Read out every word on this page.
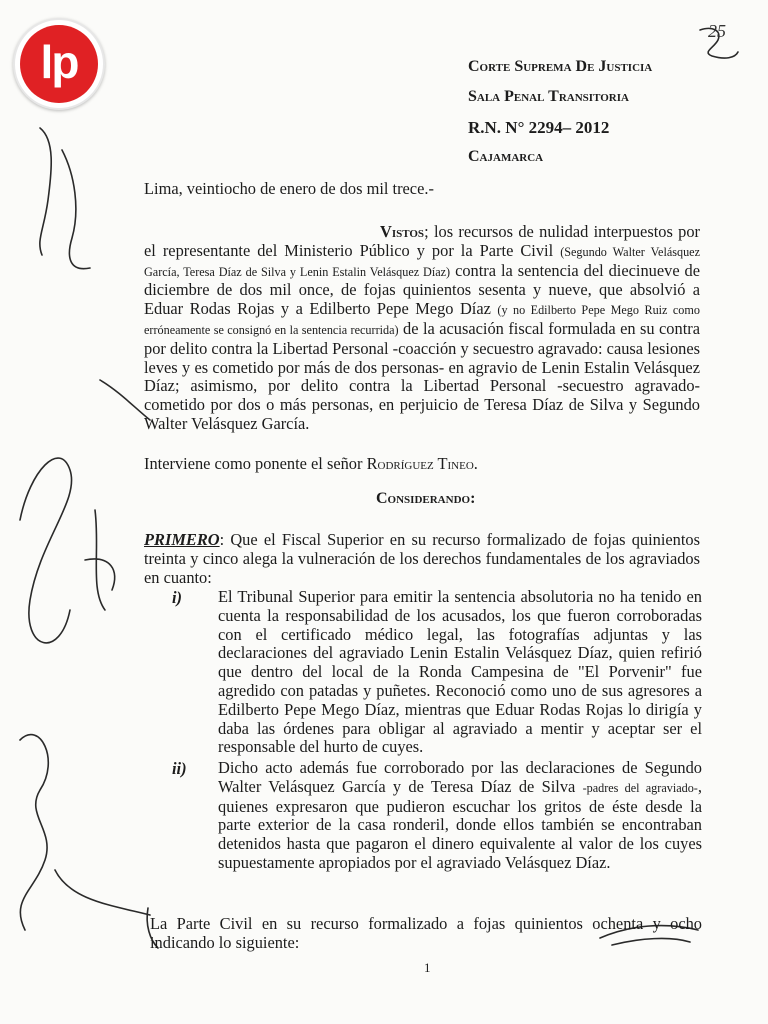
lp
25
Corte Suprema De Justicia
Sala Penal Transitoria
R.N. N° 2294– 2012
Cajamarca
Lima, veintiocho de enero de dos mil trece.-
Vistos; los recursos de nulidad interpuestos por el representante del Ministerio Público y por la Parte Civil (Segundo Walter Velásquez García, Teresa Díaz de Silva y Lenin Estalin Velásquez Díaz) contra la sentencia del diecinueve de diciembre de dos mil once, de fojas quinientos sesenta y nueve, que absolvió a Eduar Rodas Rojas y a Edilberto Pepe Mego Díaz (y no Edilberto Pepe Mego Ruiz como erróneamente se consignó en la sentencia recurrida) de la acusación fiscal formulada en su contra por delito contra la Libertad Personal -coacción y secuestro agravado: causa lesiones leves y es cometido por más de dos personas- en agravio de Lenin Estalin Velásquez Díaz; asimismo, por delito contra la Libertad Personal -secuestro agravado- cometido por dos o más personas, en perjuicio de Teresa Díaz de Silva y Segundo Walter Velásquez García.
Interviene como ponente el señor Rodríguez Tineo.
Considerando:
PRIMERO: Que el Fiscal Superior en su recurso formalizado de fojas quinientos treinta y cinco alega la vulneración de los derechos fundamentales de los agraviados en cuanto:
i) El Tribunal Superior para emitir la sentencia absolutoria no ha tenido en cuenta la responsabilidad de los acusados, los que fueron corroboradas con el certificado médico legal, las fotografías adjuntas y las declaraciones del agraviado Lenin Estalin Velásquez Díaz, quien refirió que dentro del local de la Ronda Campesina de "El Porvenir" fue agredido con patadas y puñetes. Reconoció como uno de sus agresores a Edilberto Pepe Mego Díaz, mientras que Eduar Rodas Rojas lo dirigía y daba las órdenes para obligar al agraviado a mentir y aceptar ser el responsable del hurto de cuyes.
ii) Dicho acto además fue corroborado por las declaraciones de Segundo Walter Velásquez García y de Teresa Díaz de Silva -padres del agraviado-, quienes expresaron que pudieron escuchar los gritos de éste desde la parte exterior de la casa ronderil, donde ellos también se encontraban detenidos hasta que pagaron el dinero equivalente al valor de los cuyes supuestamente apropiados por el agraviado Velásquez Díaz.
La Parte Civil en su recurso formalizado a fojas quinientos ochenta y ocho indicando lo siguiente:
1
